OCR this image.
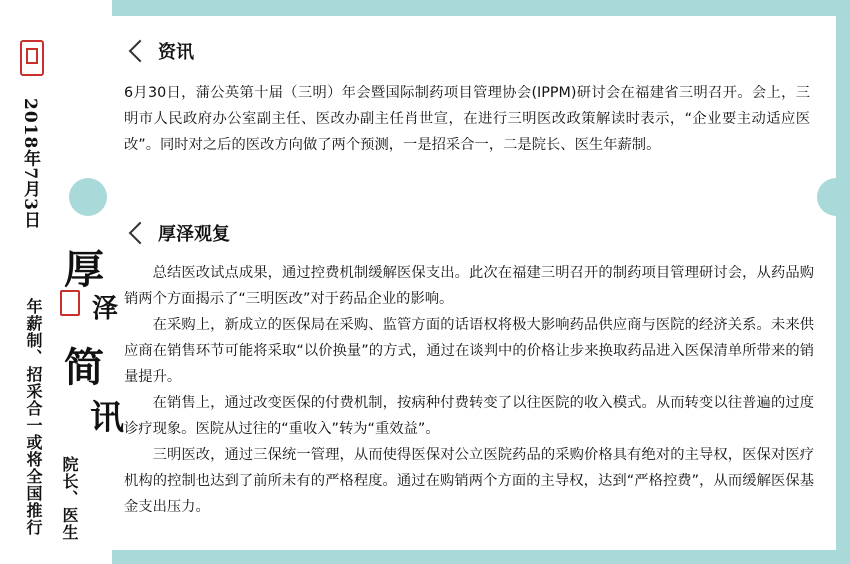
2018年7月3日
厚
泽
简
讯
年薪制、招采合一或将全国推行 院长、医生
资讯

6月30日，蒲公英第十届（三明）年会暨国际制药项目管理协会(IPPM)研讨会在福建省三明召开。会上，三明市人民政府办公室副主任、医改办副主任肖世宣，在进行三明医改政策解读时表示，“企业要主动适应医改”。同时对之后的医改方向做了两个预测，一是招采合一，二是院长、医生年薪制。

厚泽观复

总结医改试点成果，通过控费机制缓解医保支出。此次在福建三明召开的制药项目管理研讨会，从药品购销两个方面揭示了“三明医改”对于药品企业的影响。

在采购上，新成立的医保局在采购、监管方面的话语权将极大影响药品供应商与医院的经济关系。未来供应商在销售环节可能将采取“以价换量”的方式，通过在谈判中的价格让步来换取药品进入医保清单所带来的销量提升。

在销售上，通过改变医保的付费机制，按病种付费转变了以往医院的收入模式。从而转变以往普遍的过度诊疗现象。医院从过往的“重收入”转为“重效益”。

三明医改，通过三保统一管理，从而使得医保对公立医院药品的采购价格具有绝对的主导权，医保对医疗机构的控制也达到了前所未有的严格程度。通过在购销两个方面的主导权，达到“严格控费”，从而缓解医保基金支出压力。
